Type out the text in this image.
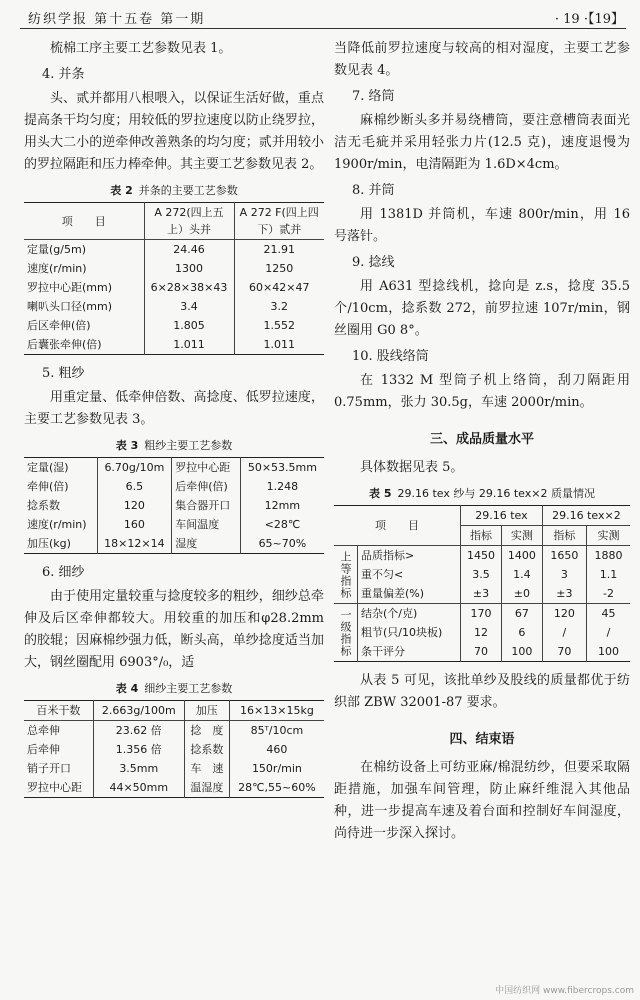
纺织学报 第十五卷 第一期	· 19 ·【19】

梳棉工序主要工艺参数见表 1。

4. 并条

头、贰并都用八根喂入，以保证生活好做，重点提高条干均匀度；用较低的罗拉速度以防止绕罗拉，用头大二小的逆牵伸改善熟条的均匀度；贰并用较小的罗拉隔距和压力棒牵伸。其主要工艺参数见表 2。

表 2 并条的主要工艺参数
项　　目	A 272(四上五上）头并	A 272 F(四上四下）贰并
定量(g/5m)	24.46	21.91
速度(r/min)	1300	1250
罗拉中心距(mm)	6×28×38×43	60×42×47
喇叭头口径(mm)	3.4	3.2
后区牵伸(倍)	1.805	1.552
后囊张牵伸(倍)	1.011	1.011

5. 粗纱

用重定量、低牵伸倍数、高捻度、低罗拉速度，主要工艺参数见表 3。

表 3 粗纱主要工艺参数
定量(湿)	6.70g/10m	罗拉中心距	50×53.5mm
牵伸(倍)	6.5	后牵伸(倍)	1.248
捻系数	120	集合器开口	12mm
速度(r/min)	160	车间温度	<28℃
加压(kg)	18×12×14	湿度	65~70%

6. 细纱

由于使用定量较重与捻度较多的粗纱，细纱总牵伸及后区牵伸都较大。用较重的加压和φ28.2mm 的胶辊；因麻棉纱强力低，断头高，单纱捻度适当加大，钢丝圈配用 6903°/₀，适

表 4 细纱主要工艺参数
百米干数	2.663g/100m	加压	16×13×15kg
总牵伸	23.62 倍	捻　度	85ᵀ/10cm
后牵伸	1.356 倍	捻系数	460
销子开口	3.5mm	车　速	150r/min
罗拉中心距	44×50mm	温湿度	28℃,55~60%

当降低前罗拉速度与较高的相对湿度，主要工艺参数见表 4。

7. 络筒

麻棉纱断头多并易绕槽筒，要注意槽筒表面光洁无毛疵并采用轻张力片(12.5 克)，速度退慢为1900r/min，电清隔距为 1.6D×4cm。

8. 并筒

用 1381D 并筒机，车速 800r/min，用 16 号落针。

9. 捻线

用 A631 型捻线机，捻向是 z.s，捻度 35.5 个/10cm，捻系数 272，前罗拉速 107r/min，钢丝圈用 G0 8°。

10. 股线络筒

在 1332 M 型筒子机上络筒，刮刀隔距用 0.75mm，张力 30.5g，车速 2000r/min。

三、成品质量水平

具体数据见表 5。

表 5 29.16 tex 纱与 29.16 tex×2 质量情况
项　　目		29.16 tex		29.16 tex×2	
		指标	实测	指标	实测
上等指标	品质指标>	1450	1400	1650	1880
	重不匀<	3.5	1.4	3	1.1
	重量偏差(%)	±3	±0	±3	-2
一级指标	结杂(个/克)	170	67	120	45
	粗节(只/10块板)	12	6	/	/
	条干评分	70	100	70	100

从表 5 可见，该批单纱及股线的质量都优于纺织部 ZBW 32001-87 要求。

四、结束语

在棉纺设备上可纺亚麻/棉混纺纱，但要采取隔距措施，加强车间管理，防止麻纤维混入其他品种，进一步提高车速及着台面和控制好车间湿度，尚待进一步深入探讨。

中国纺织网 www.fibercrops.com
